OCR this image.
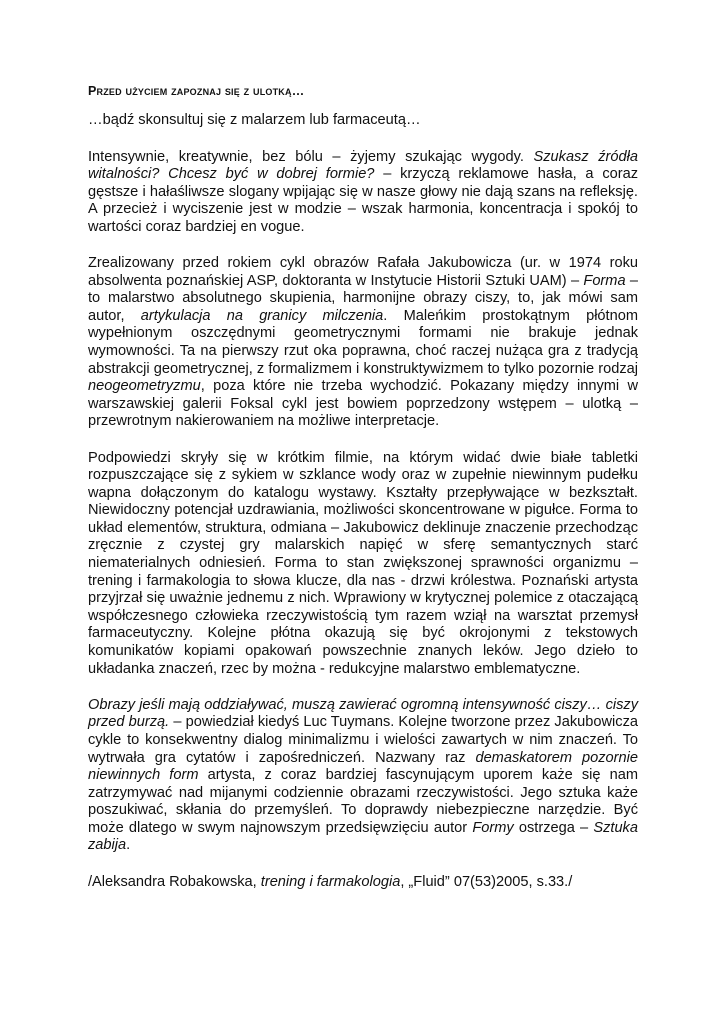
Przed użyciem zapoznaj się z ulotką…

…bądź skonsultuj się z malarzem lub farmaceutą…

Intensywnie, kreatywnie, bez bólu – żyjemy szukając wygody. Szukasz źródła witalności? Chcesz być w dobrej formie? – krzyczą reklamowe hasła, a coraz gęstsze i hałaśliwsze slogany wpijając się w nasze głowy nie dają szans na refleksję. A przecież i wyciszenie jest w modzie – wszak harmonia, koncentracja i spokój to wartości coraz bardziej en vogue.

Zrealizowany przed rokiem cykl obrazów Rafała Jakubowicza (ur. w 1974 roku absolwenta poznańskiej ASP, doktoranta w Instytucie Historii Sztuki UAM) – Forma – to malarstwo absolutnego skupienia, harmonijne obrazy ciszy, to, jak mówi sam autor, artykulacja na granicy milczenia. Maleńkim prostokątnym płótnom wypełnionym oszczędnymi geometrycznymi formami nie brakuje jednak wymowności. Ta na pierwszy rzut oka poprawna, choć raczej nużąca gra z tradycją abstrakcji geometrycznej, z formalizmem i konstruktywizmem to tylko pozornie rodzaj neogeometryzmu, poza które nie trzeba wychodzić. Pokazany między innymi w warszawskiej galerii Foksal cykl jest bowiem poprzedzony wstępem – ulotką – przewrotnym nakierowaniem na możliwe interpretacje.

Podpowiedzi skryły się w krótkim filmie, na którym widać dwie białe tabletki rozpuszczające się z sykiem w szklance wody oraz w zupełnie niewinnym pudełku wapna dołączonym do katalogu wystawy. Kształty przepływające w bezkształt. Niewidoczny potencjał uzdrawiania, możliwości skoncentrowane w pigułce. Forma to układ elementów, struktura, odmiana – Jakubowicz deklinuje znaczenie przechodząc zręcznie z czystej gry malarskich napięć w sferę semantycznych starć niematerialnych odniesień. Forma to stan zwiększonej sprawności organizmu – trening i farmakologia to słowa klucze, dla nas - drzwi królestwa. Poznański artysta przyjrzał się uważnie jednemu z nich. Wprawiony w krytycznej polemice z otaczającą współczesnego człowieka rzeczywistością tym razem wziął na warsztat przemysł farmaceutyczny. Kolejne płótna okazują się być okrojonymi z tekstowych komunikatów kopiami opakowań powszechnie znanych leków. Jego dzieło to układanka znaczeń, rzec by można - redukcyjne malarstwo emblematyczne.

Obrazy jeśli mają oddziaływać, muszą zawierać ogromną intensywność ciszy… ciszy przed burzą. – powiedział kiedyś Luc Tuymans. Kolejne tworzone przez Jakubowicza cykle to konsekwentny dialog minimalizmu i wielości zawartych w nim znaczeń. To wytrwała gra cytatów i zapośredniczeń. Nazwany raz demaskatorem pozornie niewinnych form artysta, z coraz bardziej fascynującym uporem każe się nam zatrzymywać nad mijanymi codziennie obrazami rzeczywistości. Jego sztuka każe poszukiwać, skłania do przemyśleń. To doprawdy niebezpieczne narzędzie. Być może dlatego w swym najnowszym przedsięwzięciu autor Formy ostrzega – Sztuka zabija.

/Aleksandra Robakowska, trening i farmakologia, „Fluid” 07(53)2005, s.33./
